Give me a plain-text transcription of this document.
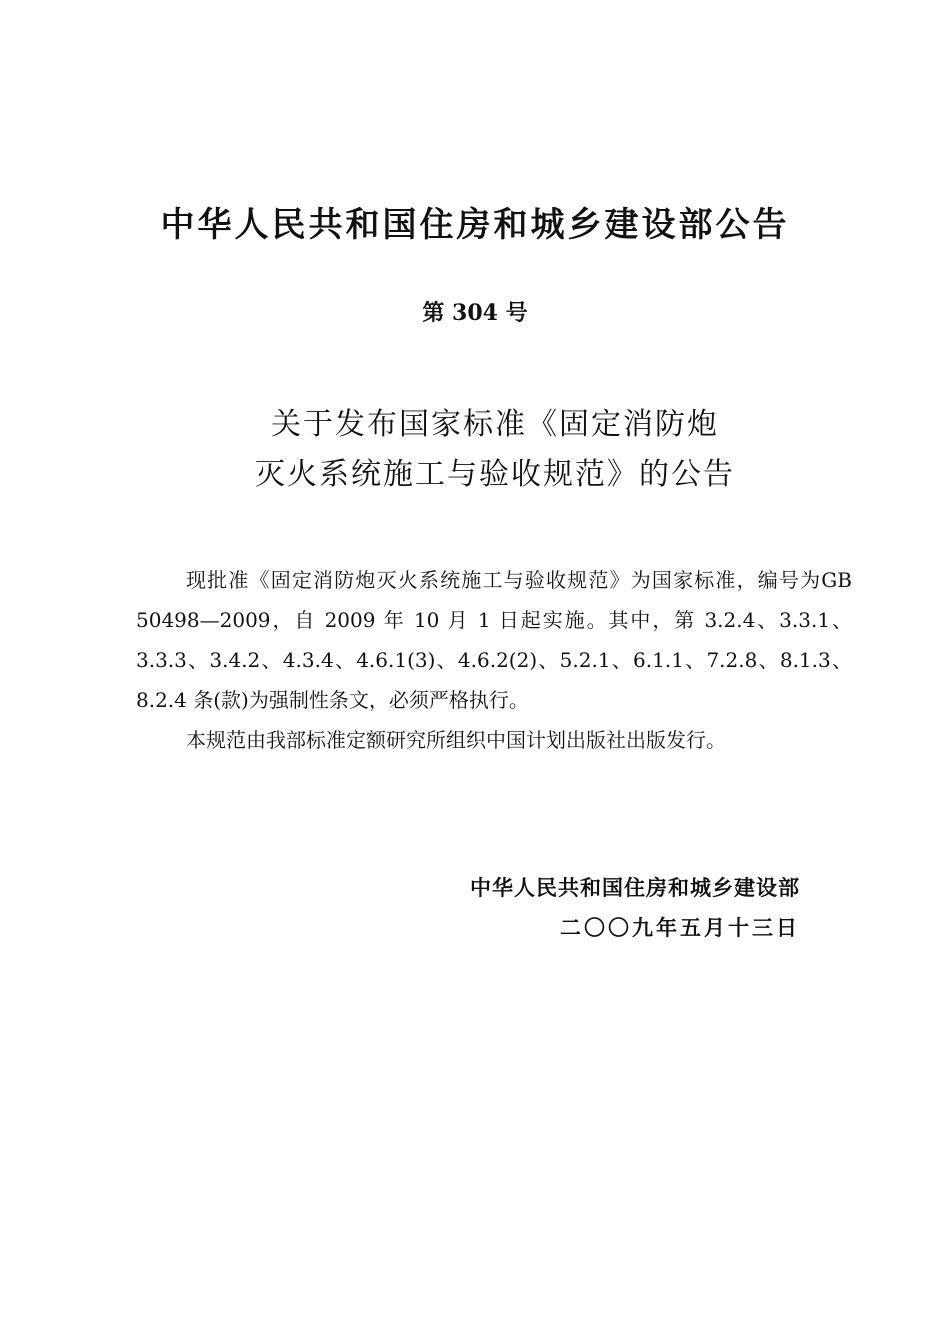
中华人民共和国住房和城乡建设部公告
第 304 号
关于发布国家标准《固定消防炮
灭火系统施工与验收规范》的公告

现批准《固定消防炮灭火系统施工与验收规范》为国家标准，编号为GB 50498—2009，自 2009 年 10 月 1 日起实施。其中，第 3.2.4、3.3.1、3.3.3、3.4.2、4.3.4、4.6.1(3)、4.6.2(2)、5.2.1、6.1.1、7.2.8、8.1.3、8.2.4 条(款)为强制性条文，必须严格执行。

本规范由我部标准定额研究所组织中国计划出版社出版发行。

中华人民共和国住房和城乡建设部
二〇〇九年五月十三日
